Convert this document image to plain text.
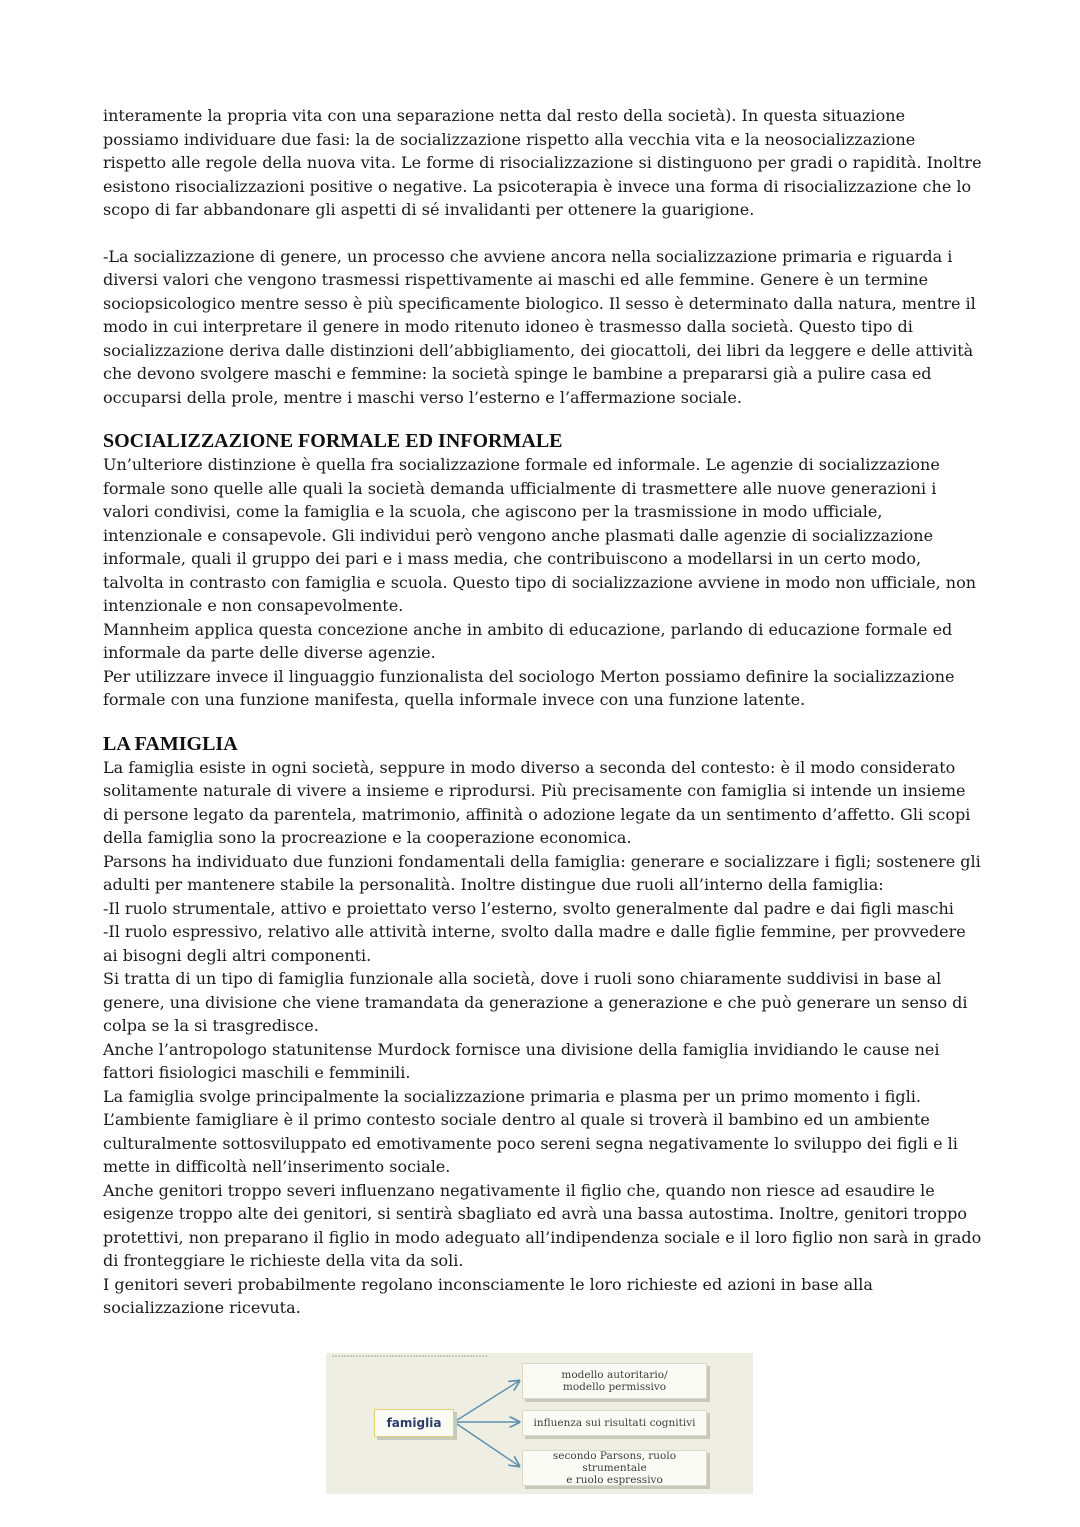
interamente la propria vita con una separazione netta dal resto della società). In questa situazione possiamo individuare due fasi: la de socializzazione rispetto alla vecchia vita e la neosocializzazione rispetto alle regole della nuova vita. Le forme di risocializzazione si distinguono per gradi o rapidità. Inoltre esistono risocializzazioni positive o negative. La psicoterapia è invece una forma di risocializzazione che lo scopo di far abbandonare gli aspetti di sé invalidanti per ottenere la guarigione.

-La socializzazione di genere, un processo che avviene ancora nella socializzazione primaria e riguarda i diversi valori che vengono trasmessi rispettivamente ai maschi ed alle femmine. Genere è un termine sociopsicologico mentre sesso è più specificamente biologico. Il sesso è determinato dalla natura, mentre il modo in cui interpretare il genere in modo ritenuto idoneo è trasmesso dalla società. Questo tipo di socializzazione deriva dalle distinzioni dell’abbigliamento, dei giocattoli, dei libri da leggere e delle attività che devono svolgere maschi e femmine: la società spinge le bambine a prepararsi già a pulire casa ed occuparsi della prole, mentre i maschi verso l’esterno e l’affermazione sociale.

SOCIALIZZAZIONE FORMALE ED INFORMALE

Un’ulteriore distinzione è quella fra socializzazione formale ed informale. Le agenzie di socializzazione formale sono quelle alle quali la società demanda ufficialmente di trasmettere alle nuove generazioni i valori condivisi, come la famiglia e la scuola, che agiscono per la trasmissione in modo ufficiale, intenzionale e consapevole. Gli individui però vengono anche plasmati dalle agenzie di socializzazione informale, quali il gruppo dei pari e i mass media, che contribuiscono a modellarsi in un certo modo, talvolta in contrasto con famiglia e scuola. Questo tipo di socializzazione avviene in modo non ufficiale, non intenzionale e non consapevolmente.

Mannheim applica questa concezione anche in ambito di educazione, parlando di educazione formale ed informale da parte delle diverse agenzie.

Per utilizzare invece il linguaggio funzionalista del sociologo Merton possiamo definire la socializzazione formale con una funzione manifesta, quella informale invece con una funzione latente.

LA FAMIGLIA

La famiglia esiste in ogni società, seppure in modo diverso a seconda del contesto: è il modo considerato solitamente naturale di vivere a insieme e riprodursi. Più precisamente con famiglia si intende un insieme di persone legato da parentela, matrimonio, affinità o adozione legate da un sentimento d’affetto. Gli scopi della famiglia sono la procreazione e la cooperazione economica.

Parsons ha individuato due funzioni fondamentali della famiglia: generare e socializzare i figli; sostenere gli adulti per mantenere stabile la personalità. Inoltre distingue due ruoli all’interno della famiglia:

-Il ruolo strumentale, attivo e proiettato verso l’esterno, svolto generalmente dal padre e dai figli maschi

-Il ruolo espressivo, relativo alle attività interne, svolto dalla madre e dalle figlie femmine, per provvedere ai bisogni degli altri componenti.

Si tratta di un tipo di famiglia funzionale alla società, dove i ruoli sono chiaramente suddivisi in base al genere, una divisione che viene tramandata da generazione a generazione e che può generare un senso di colpa se la si trasgredisce.

Anche l’antropologo statunitense Murdock fornisce una divisione della famiglia invidiando le cause nei fattori fisiologici maschili e femminili.

La famiglia svolge principalmente la socializzazione primaria e plasma per un primo momento i figli. L’ambiente famigliare è il primo contesto sociale dentro al quale si troverà il bambino ed un ambiente culturalmente sottosviluppato ed emotivamente poco sereni segna negativamente lo sviluppo dei figli e li mette in difficoltà nell’inserimento sociale.

Anche genitori troppo severi influenzano negativamente il figlio che, quando non riesce ad esaudire le esigenze troppo alte dei genitori, si sentirà sbagliato ed avrà una bassa autostima. Inoltre, genitori troppo protettivi, non preparano il figlio in modo adeguato all’indipendenza sociale e il loro figlio non sarà in grado di fronteggiare le richieste della vita da soli.

I genitori severi probabilmente regolano inconsciamente le loro richieste ed azioni in base alla socializzazione ricevuta.

famiglia
modello autoritario/
modello permissivo
influenza sui risultati cognitivi
secondo Parsons, ruolo strumentale
e ruolo espressivo
